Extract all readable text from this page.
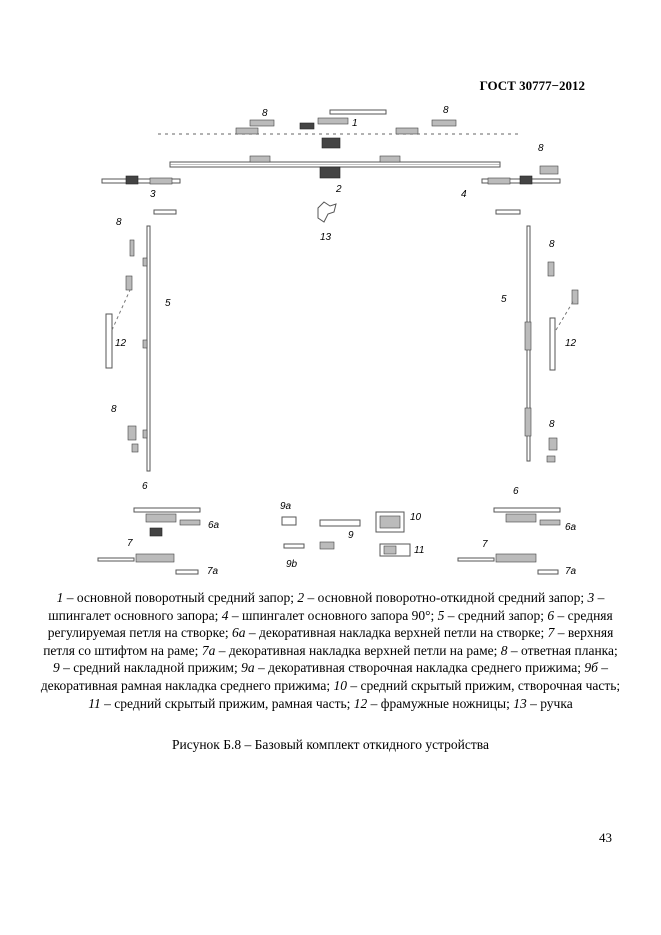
ГОСТ 30777−2012
1
2
3	4
13
8	8
8
8
8
8
8
5	5
12	12
6	6
6a	6a
7	7
7a	7a
9a
9
9b
10
11
1 – основной поворотный средний запор; 2 – основной поворотно-откидной средний запор; 3 – шпингалет основного запора; 4 – шпингалет основного запора 90°; 5 – средний запор; 6 – средняя регулируемая петля на створке; 6а – декоративная накладка верхней петли на створке; 7 – верхняя петля со штифтом на раме; 7а – декоративная накладка верхней петли на раме; 8 – ответная планка; 9 – средний накладной прижим; 9а – декоративная створочная накладка среднего прижима; 9б – декоративная рамная накладка среднего прижима; 10 – средний скрытый прижим, створочная часть; 11 – средний скрытый прижим, рамная часть; 12 – фрамужные ножницы; 13 – ручка
Рисунок Б.8 – Базовый комплект откидного устройства
43
